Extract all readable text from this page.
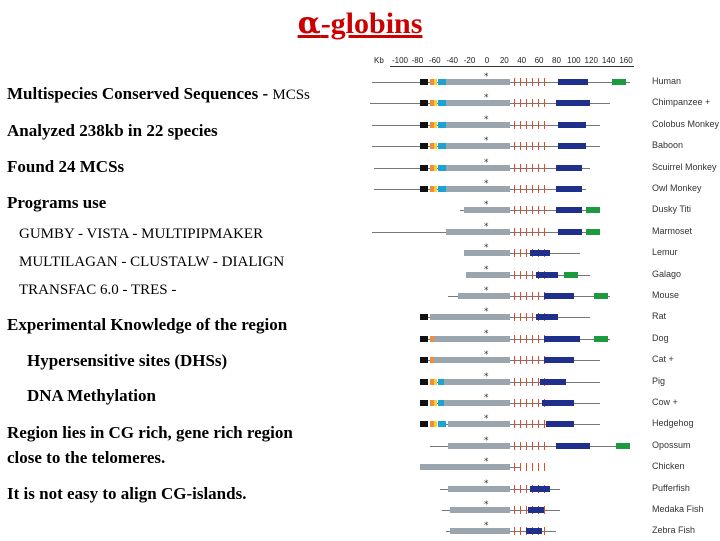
α-globins
Multispecies Conserved Sequences - MCSs
Analyzed 238kb in 22 species
Found 24 MCSs
Programs use
GUMBY - VISTA - MULTIPIPMAKER
MULTILAGAN - CLUSTALW - DIALIGN
TRANSFAC 6.0 - TRES -
Experimental Knowledge of the region
Hypersensitive sites (DHSs)
DNA Methylation
Region lies in CG rich, gene rich region
close to the telomeres.
It is not easy to align CG-islands.
Kb -100 -80 -60 -40 -20 0 20 40 60 80 100 120 140 160
*	Human
*	Chimpanzee +
*	Colobus Monkey
*	Baboon
*	Scuirrel Monkey
*	Owl Monkey
*	Dusky Titi
*	Marmoset
*	Lemur
*	Galago
*	Mouse
*	Rat
*	Dog
*	Cat +
*	Pig
*	Cow +
*	Hedgehog
*	Opossum
*	Chicken
*	Pufferfish
*	Medaka Fish
*	Zebra Fish
